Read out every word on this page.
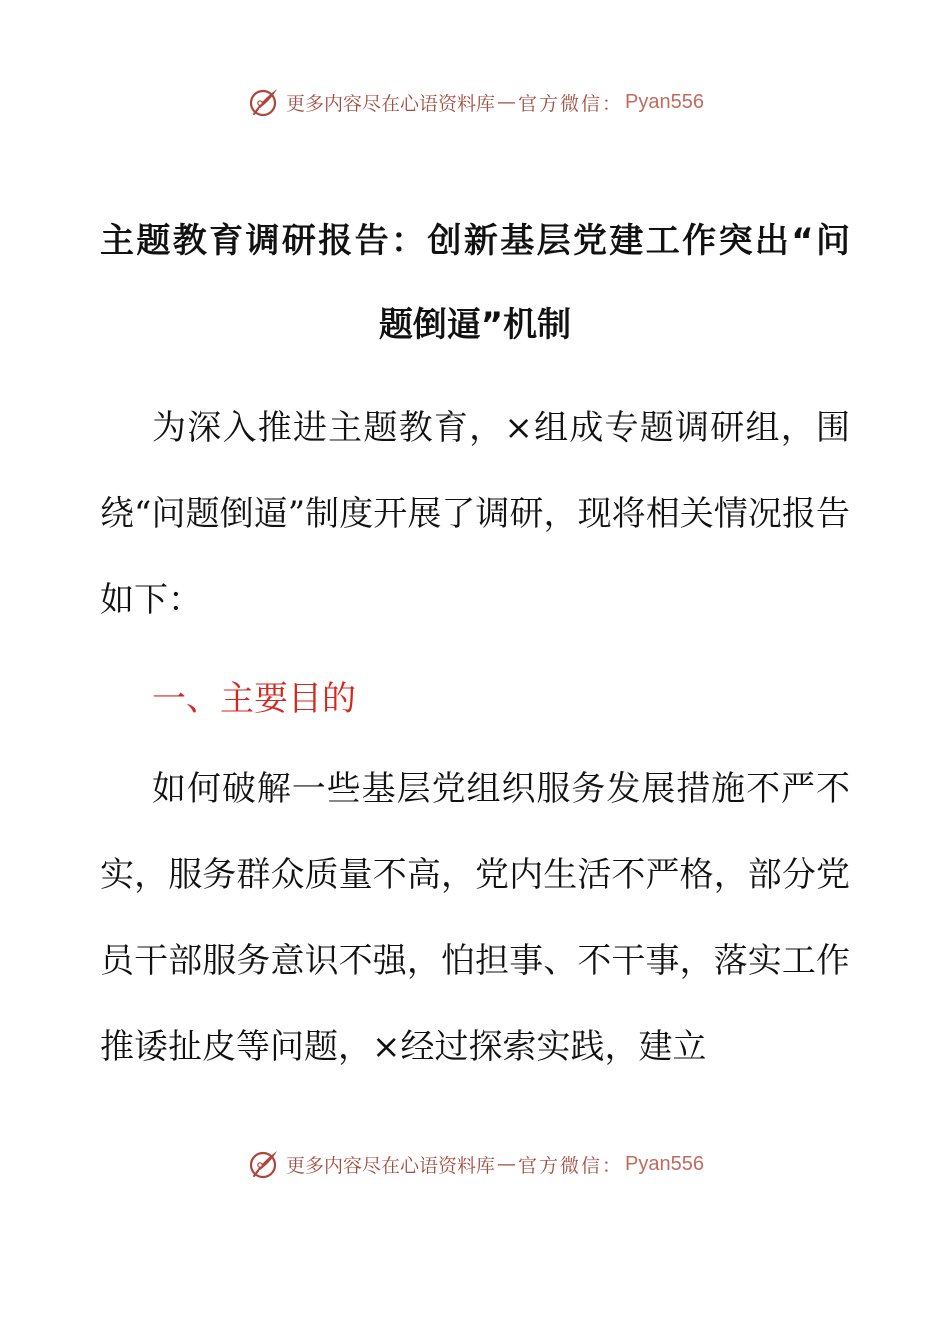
更多内容尽在心语资料库 — 官方微信： Pyan556
主题教育调研报告：创新基层党建工作突出“问
题倒逼”机制

为深入推进主题教育，×组成专题调研组，围绕“问题倒逼”制度开展了调研，现将相关情况报告如下：

一、主要目的

如何破解一些基层党组织服务发展措施不严不实，服务群众质量不高，党内生活不严格，部分党员干部服务意识不强，怕担事、不干事，落实工作推诿扯皮等问题，×经过探索实践，建立

更多内容尽在心语资料库 — 官方微信： Pyan556
